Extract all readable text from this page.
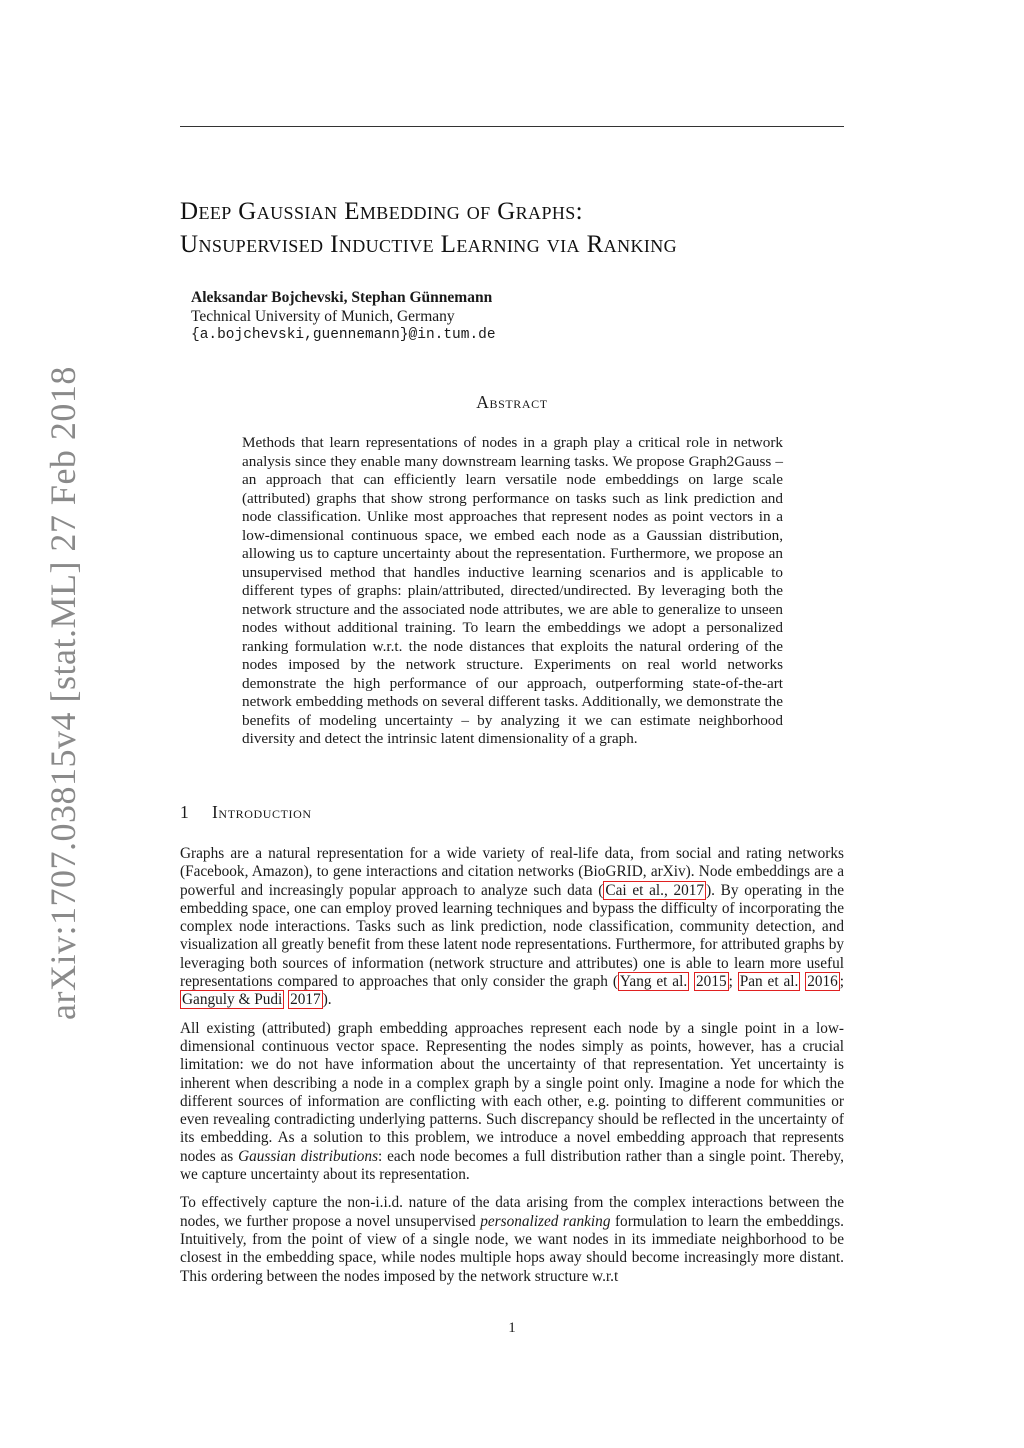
arXiv:1707.03815v4 [stat.ML] 27 Feb 2018
Deep Gaussian Embedding of Graphs:
Unsupervised Inductive Learning via Ranking
Aleksandar Bojchevski, Stephan Günnemann
Technical University of Munich, Germany
{a.bojchevski,guennemann}@in.tum.de
Abstract
Methods that learn representations of nodes in a graph play a critical role in network analysis since they enable many downstream learning tasks. We propose Graph2Gauss – an approach that can efficiently learn versatile node embeddings on large scale (attributed) graphs that show strong performance on tasks such as link prediction and node classification. Unlike most approaches that represent nodes as point vectors in a low-dimensional continuous space, we embed each node as a Gaussian distribution, allowing us to capture uncertainty about the representation. Furthermore, we propose an unsupervised method that handles inductive learning scenarios and is applicable to different types of graphs: plain/attributed, directed/undirected. By leveraging both the network structure and the associated node attributes, we are able to generalize to unseen nodes without additional training. To learn the embeddings we adopt a personalized ranking formulation w.r.t. the node distances that exploits the natural ordering of the nodes imposed by the network structure. Experiments on real world networks demonstrate the high performance of our approach, outperforming state-of-the-art network embedding methods on several different tasks. Additionally, we demonstrate the benefits of modeling uncertainty – by analyzing it we can estimate neighborhood diversity and detect the intrinsic latent dimensionality of a graph.
1 Introduction

Graphs are a natural representation for a wide variety of real-life data, from social and rating networks (Facebook, Amazon), to gene interactions and citation networks (BioGRID, arXiv). Node embeddings are a powerful and increasingly popular approach to analyze such data ( Cai et al., 2017 ). By operating in the embedding space, one can employ proved learning techniques and bypass the difficulty of incorporating the complex node interactions. Tasks such as link prediction, node classification, community detection, and visualization all greatly benefit from these latent node representations. Furthermore, for attributed graphs by leveraging both sources of information (network structure and attributes) one is able to learn more useful representations compared to approaches that only consider the graph ( Yang et al. 2015 ; Pan et al. 2016 ; Ganguly & Pudi 2017 ).

All existing (attributed) graph embedding approaches represent each node by a single point in a low-dimensional continuous vector space. Representing the nodes simply as points, however, has a crucial limitation: we do not have information about the uncertainty of that representation. Yet uncertainty is inherent when describing a node in a complex graph by a single point only. Imagine a node for which the different sources of information are conflicting with each other, e.g. pointing to different communities or even revealing contradicting underlying patterns. Such discrepancy should be reflected in the uncertainty of its embedding. As a solution to this problem, we introduce a novel embedding approach that represents nodes as Gaussian distributions: each node becomes a full distribution rather than a single point. Thereby, we capture uncertainty about its representation.

To effectively capture the non-i.i.d. nature of the data arising from the complex interactions between the nodes, we further propose a novel unsupervised personalized ranking formulation to learn the embeddings. Intuitively, from the point of view of a single node, we want nodes in its immediate neighborhood to be closest in the embedding space, while nodes multiple hops away should become increasingly more distant. This ordering between the nodes imposed by the network structure w.r.t

1
